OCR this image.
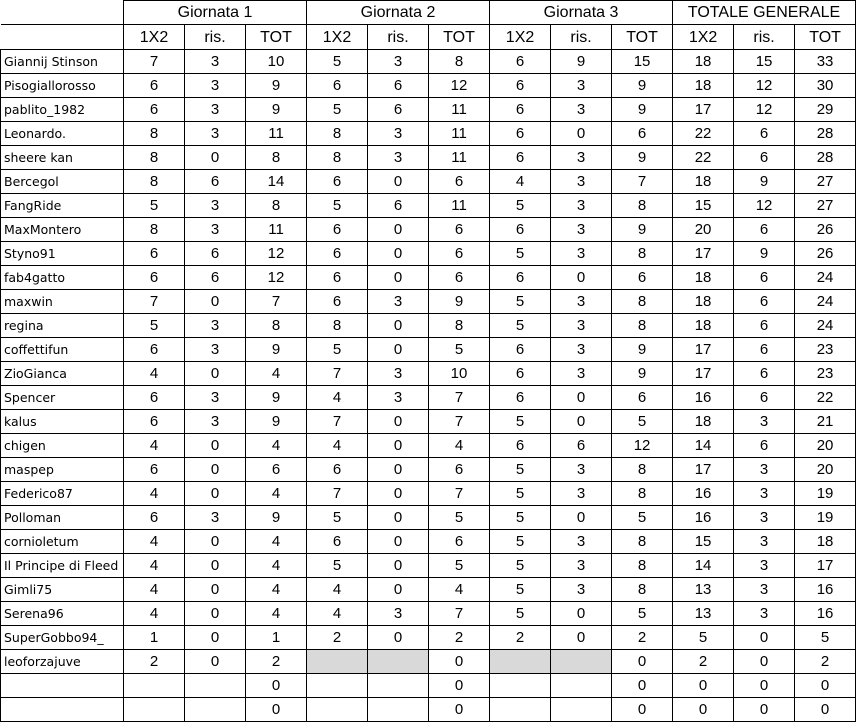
	Giornata 1			Giornata 2			Giornata 3			TOTALE GENERALE		
	1X2	ris.	TOT	1X2	ris.	TOT	1X2	ris.	TOT	1X2	ris.	TOT
Giannij Stinson	7	3	10	5	3	8	6	9	15	18	15	33
Pisogiallorosso	6	3	9	6	6	12	6	3	9	18	12	30
pablito_1982	6	3	9	5	6	11	6	3	9	17	12	29
Leonardo.	8	3	11	8	3	11	6	0	6	22	6	28
sheere kan	8	0	8	8	3	11	6	3	9	22	6	28
Bercegol	8	6	14	6	0	6	4	3	7	18	9	27
FangRide	5	3	8	5	6	11	5	3	8	15	12	27
MaxMontero	8	3	11	6	0	6	6	3	9	20	6	26
Styno91	6	6	12	6	0	6	5	3	8	17	9	26
fab4gatto	6	6	12	6	0	6	6	0	6	18	6	24
maxwin	7	0	7	6	3	9	5	3	8	18	6	24
regina	5	3	8	8	0	8	5	3	8	18	6	24
coffettifun	6	3	9	5	0	5	6	3	9	17	6	23
ZioGianca	4	0	4	7	3	10	6	3	9	17	6	23
Spencer	6	3	9	4	3	7	6	0	6	16	6	22
kalus	6	3	9	7	0	7	5	0	5	18	3	21
chigen	4	0	4	4	0	4	6	6	12	14	6	20
maspep	6	0	6	6	0	6	5	3	8	17	3	20
Federico87	4	0	4	7	0	7	5	3	8	16	3	19
Polloman	6	3	9	5	0	5	5	0	5	16	3	19
cornioletum	4	0	4	6	0	6	5	3	8	15	3	18
Il Principe di Fleed	4	0	4	5	0	5	5	3	8	14	3	17
Gimli75	4	0	4	4	0	4	5	3	8	13	3	16
Serena96	4	0	4	4	3	7	5	0	5	13	3	16
SuperGobbo94_	1	0	1	2	0	2	2	0	2	5	0	5
leoforzajuve	2	0	2			0			0	2	0	2
			0			0			0	0	0	0
			0			0			0	0	0	0
